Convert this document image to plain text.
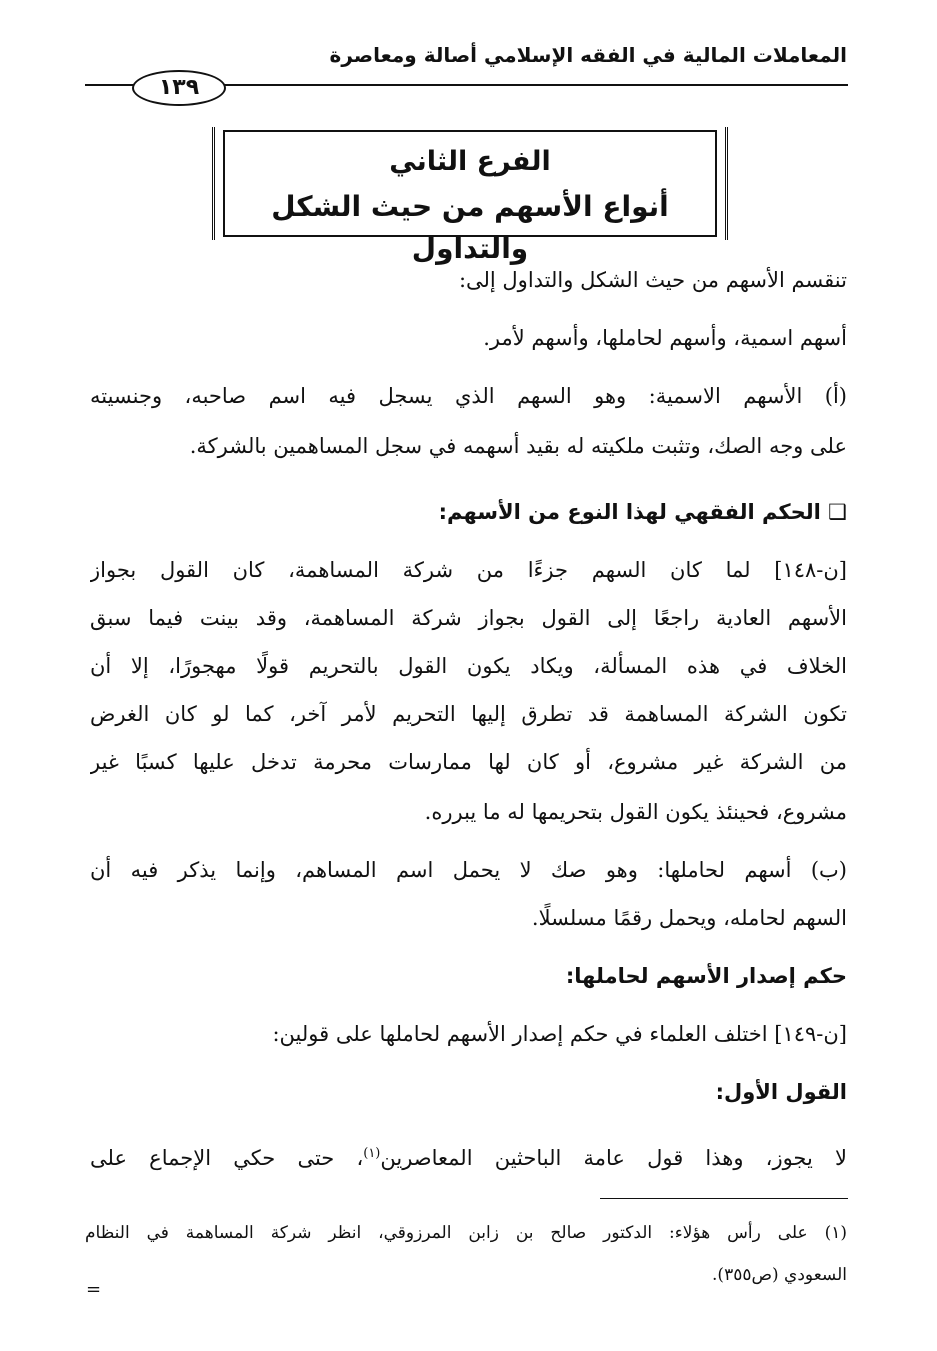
المعاملات المالية في الفقه الإسلامي أصالة ومعاصرة
١٣٩
الفرع الثاني
أنواع الأسهم من حيث الشكل والتداول
تنقسم الأسهم من حيث الشكل والتداول إلى:
أسهم اسمية، وأسهم لحاملها، وأسهم لأمر.
(أ) الأسهم الاسمية: وهو السهم الذي يسجل فيه اسم صاحبه، وجنسيته
على وجه الصك، وتثبت ملكيته له بقيد أسهمه في سجل المساهمين بالشركة.
❑ الحكم الفقهي لهذا النوع من الأسهم:
[ن-١٤٨] لما كان السهم جزءًا من شركة المساهمة، كان القول بجواز
الأسهم العادية راجعًا إلى القول بجواز شركة المساهمة، وقد بينت فيما سبق
الخلاف في هذه المسألة، ويكاد يكون القول بالتحريم قولًا مهجورًا، إلا أن
تكون الشركة المساهمة قد تطرق إليها التحريم لأمر آخر، كما لو كان الغرض
من الشركة غير مشروع، أو كان لها ممارسات محرمة تدخل عليها كسبًا غير
مشروع، فحينئذ يكون القول بتحريمها له ما يبرره.
(ب) أسهم لحاملها: وهو صك لا يحمل اسم المساهم، وإنما يذكر فيه أن
السهم لحامله، ويحمل رقمًا مسلسلًا.
حكم إصدار الأسهم لحاملها:
[ن-١٤٩] اختلف العلماء في حكم إصدار الأسهم لحاملها على قولين:
القول الأول:
لا يجوز، وهذا قول عامة الباحثين المعاصرين$^{(١)}$، حتى حكي الإجماع على
(١) على رأس هؤلاء: الدكتور صالح بن زابن المرزوقي، انظر شركة المساهمة في النظام
السعودي (ص٣٥٥).
=
